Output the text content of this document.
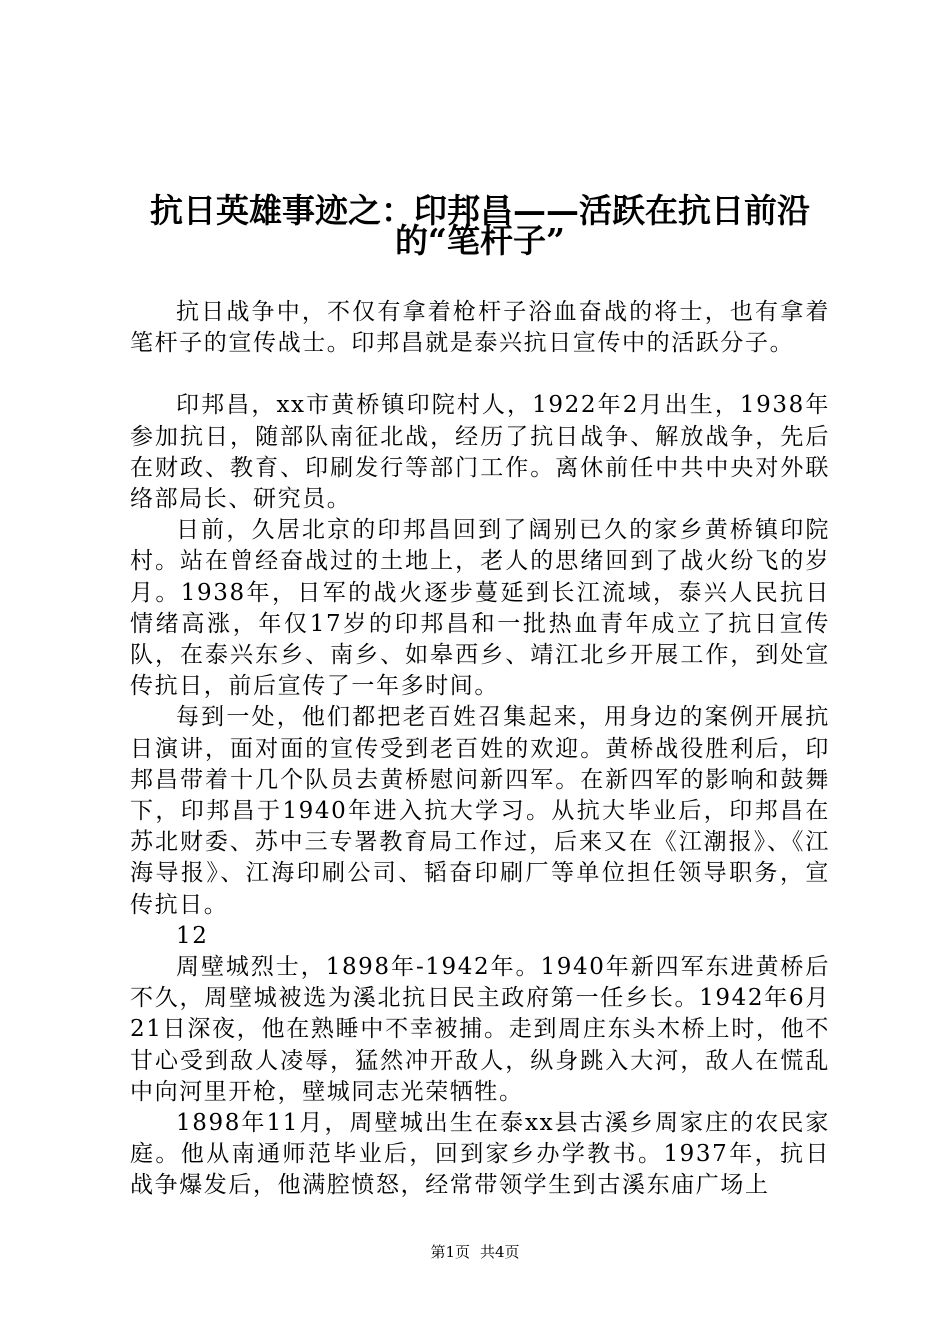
抗日英雄事迹之：印邦昌——活跃在抗日前沿
的“笔杆子”

抗日战争中，不仅有拿着枪杆子浴血奋战的将士，也有拿着笔杆子的宣传战士。印邦昌就是泰兴抗日宣传中的活跃分子。

印邦昌，xx市黄桥镇印院村人，1922年2月出生，1938年参加抗日，随部队南征北战，经历了抗日战争、解放战争，先后在财政、教育、印刷发行等部门工作。离休前任中共中央对外联络部局长、研究员。

日前，久居北京的印邦昌回到了阔别已久的家乡黄桥镇印院村。站在曾经奋战过的土地上，老人的思绪回到了战火纷飞的岁月。1938年，日军的战火逐步蔓延到长江流域，泰兴人民抗日情绪高涨，年仅17岁的印邦昌和一批热血青年成立了抗日宣传队，在泰兴东乡、南乡、如皋西乡、靖江北乡开展工作，到处宣传抗日，前后宣传了一年多时间。

每到一处，他们都把老百姓召集起来，用身边的案例开展抗日演讲，面对面的宣传受到老百姓的欢迎。黄桥战役胜利后，印邦昌带着十几个队员去黄桥慰问新四军。在新四军的影响和鼓舞下，印邦昌于1940年进入抗大学习。从抗大毕业后，印邦昌在苏北财委、苏中三专署教育局工作过，后来又在《江潮报》、《江海导报》、江海印刷公司、韬奋印刷厂等单位担任领导职务，宣传抗日。

12

周壁城烈士，1898年-1942年。1940年新四军东进黄桥后不久，周壁城被选为溪北抗日民主政府第一任乡长。1942年6月21日深夜，他在熟睡中不幸被捕。走到周庄东头木桥上时，他不甘心受到敌人凌辱，猛然冲开敌人，纵身跳入大河，敌人在慌乱中向河里开枪，壁城同志光荣牺牲。

1898年11月，周壁城出生在泰xx县古溪乡周家庄的农民家庭。他从南通师范毕业后，回到家乡办学教书。1937年，抗日战争爆发后，他满腔愤怒，经常带领学生到古溪东庙广场上

第1页 共4页
